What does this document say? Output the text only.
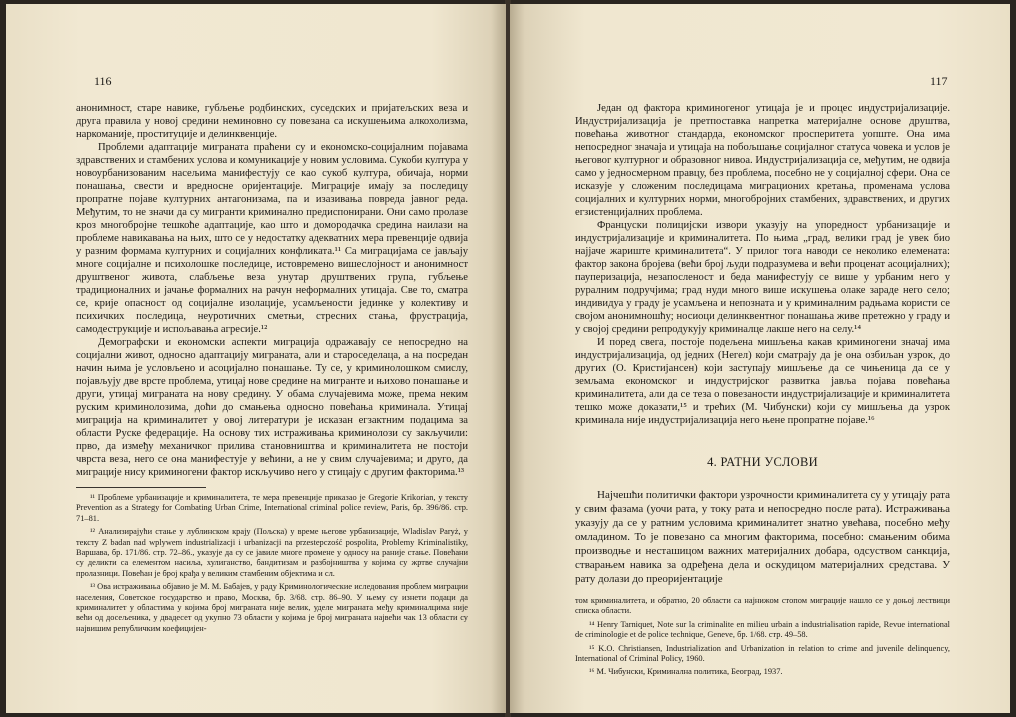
116

анонимност, старе навике, губљење родбинских, суседских и пријатељских веза и друга правила у новој средини неминовно су повезана са искушењима алкохолизма, наркоманије, проституције и делинквенције.

Проблеми адаптације миграната праћени су и економско-социјалним појавама здравствених и стамбених услова и комуникације у новим условима. Сукоби култура у новоурбанизованим насељима манифестују се као сукоб култура, обичаја, норми понашања, свести и вредносне оријентације. Миграције имају за последицу пропратне појаве културних антагонизама, па и изазивања повреда јавног реда. Међутим, то не значи да су мигранти криминално предиспонирани. Они само пролазе кроз многобројне тешкоће адаптације, као што и домородачка средина наилази на проблеме навикавања на њих, што се у недостатку адекватних мера превенције одвија у разним формама културних и социјалних конфликата.¹¹ Са миграцијама се јављају многе социјалне и психолошке последице, истовремено вишеслојност и анонимност друштвеног живота, слабљење веза унутар друштвених група, губљење традиционалних и јачање формалних на рачун неформалних утицаја. Све то, сматра се, крије опасност од социјалне изолације, усамљености јединке у колективу и психичких последица, неуротичних сметњи, стресних стања, фрустрација, самодеструкције и испољавања агресије.¹²

Демографски и економски аспекти миграција одражавају се непосредно на социјални живот, односно адаптацију миграната, али и староседелаца, а на посредан начин њима је условљено и асоцијално понашање. Ту се, у криминолошком смислу, појављују две врсте проблема, утицај нове средине на мигранте и њихово понашање и други, утицај миграната на нову средину. У обама случајевима може, према неким руским криминолозима, доћи до смањења односно повећања криминала. Утицај миграција на криминалитет у овој литератури је исказан егзактним подацима за области Руске федерације. На основу тих истраживања криминолози су закључили: прво, да између механичког прилива становништва и криминалитета не постоји чврста веза, него се она манифестује у већини, а не у свим случајевима; и друго, да миграције нису криминогени фактор искључиво него у стицају с другим факторима.¹³

¹¹ Проблеме урбанизације и криминалитета, те мера превенције приказао је Gregorie Krikorian, у тексту Prevention as a Strategy for Combating Urban Crime, International criminal police review, Paris, бр. 396/86. стр. 71–81.

¹² Анализирајући стање у лублинском крају (Пољска) у време његове урбанизације, Wladislav Paryż, у тексту Z badan nad wplywem industrializacji i urbanizacji na przestepczość pospolita, Problemy Kriminalistiky, Варшава, бр. 171/86. стр. 72–86., указује да су се јавиле многе промене у односу на раније стање. Повећани су деликти са елементом насиља, хулиганство, бандитизам и разбојништва у којима су жртве случајни пролазници. Повећан је број крађа у великим стамбеним објектима и сл.

¹³ Ова истраживања објавио је М. М. Бабаjев, у раду Криминологические иследования проблем миграции населения, Советское государство и право, Москва, бр. 3/68. стр. 86–90. У њему су изнети подаци да криминалитет у областима у којима број миграната није велик, уделе миграната међу криминалцима није већи од досељеника, у двадесет од укупно 73 области у којима је број миграната највећи чак 13 области су највишим републичким коефицијен-

117

Један од фактора криминогеног утицаја је и процес индустријализације. Индустријализација је претпоставка напретка материјалне основе друштва, повећања животног стандарда, економског просперитета уопште. Она има непосредног значаја и утицаја на побољшање социјалног статуса човека и услов је његовог културног и образовног нивоа. Индустријализација се, међутим, не одвија само у једносмерном правцу, без проблема, посебно не у социјалној сфери. Она се исказује у сложеним последицама миграционих кретања, променама услова социјалних и културних норми, многобројних стамбених, здравствених, и других егзистенцијалних проблема.

Француски полицијски извори указују на упоредност урбанизације и индустријализације и криминалитета. По њима „град, велики град је увек био најјаче жариште криминалитета“. У прилог тога наводи се неколико елемената: фактор закона бројева (већи број људи подразумева и већи проценат асоцијалних); пауперизација, незапосленост и беда манифестују се више у урбаним него у руралним подручјима; град нуди много више искушења олаке зараде него село; индивидуа у граду је усамљена и непозната и у криминалним радњама користи се својом анонимношћу; носиоци делинквентног понашања живе претежно у граду и у својој средини репродукују криминалце лакше него на селу.¹⁴

И поред свега, постоје подељена мишљења какав криминогени значај има индустријализација, од једних (Негел) који сматрају да је она озбиљан узрок, до других (О. Кристијансен) који заступају мишљење да се чињеница да се у земљама економског и индустријског развитка јавља појава повећања криминалитета, али да се теза о повезаности индустријализације и криминалитета тешко може доказати,¹⁵ и трећих (М. Чибунски) који су мишљења да узрок криминала није индустријализација него њене пропратне појаве.¹⁶

4. РАТНИ УСЛОВИ

Најчешћи политички фактори узрочности криминалитета су у утицају рата у свим фазама (уочи рата, у току рата и непосредно после рата). Истраживања указују да се у ратним условима криминалитет знатно увећава, посебно међу омладином. То је повезано са многим факторима, посебно: смањеним обима производње и несташицом важних материјалних добара, одсуством санкција, стварањем навика за одређена дела и оскудицом материјалних средстава. У рату долази до преоријентације

том криминалитета, и обратно, 20 области са најнижом стопом миграције нашло се у доњој лествици списка области.

¹⁴ Henry Tarniquet, Note sur la criminalite en milieu urbain a industrialisation rapide, Revue international de criminologie et de police technique, Geneve, бр. 1/68. стр. 49–58.

¹⁵ K.O. Christiansen, Industrialization and Urbanization in relation to crime and juvenile delinquency, International of Criminal Policy, 1960.

¹⁶ М. Чибунски, Криминална политика, Београд, 1937.
